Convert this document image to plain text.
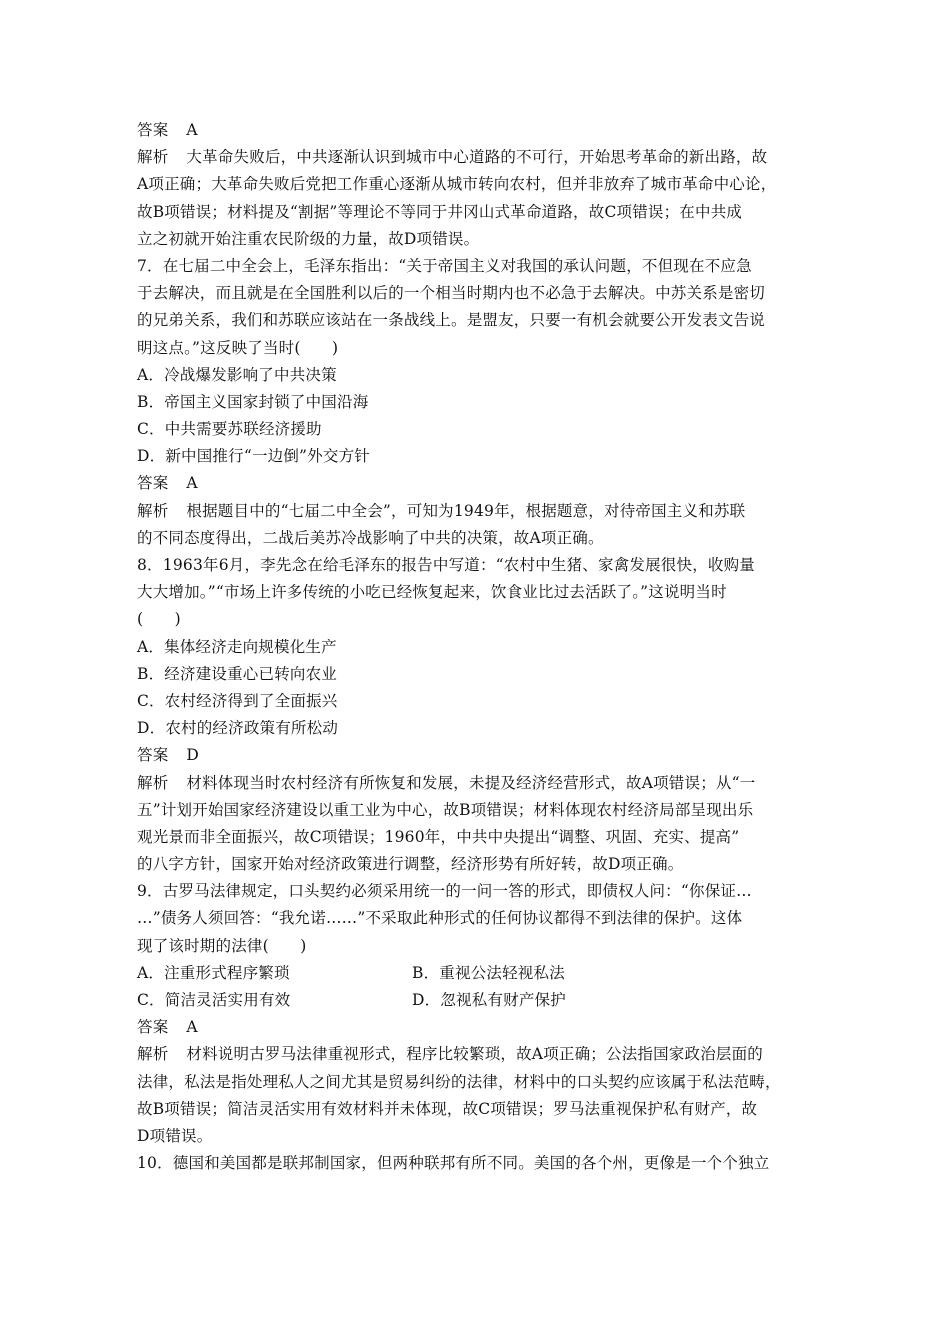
答案 A
解析 大革命失败后，中共逐渐认识到城市中心道路的不可行，开始思考革命的新出路，故
A项正确；大革命失败后党把工作重心逐渐从城市转向农村，但并非放弃了城市革命中心论，
故B项错误；材料提及“割据”等理论不等同于井冈山式革命道路，故C项错误；在中共成
立之初就开始注重农民阶级的力量，故D项错误。
7．在七届二中全会上，毛泽东指出：“关于帝国主义对我国的承认问题，不但现在不应急
于去解决，而且就是在全国胜利以后的一个相当时期内也不必急于去解决。中苏关系是密切
的兄弟关系，我们和苏联应该站在一条战线上。是盟友，只要一有机会就要公开发表文告说
明这点。”这反映了当时(　　)
A．冷战爆发影响了中共决策
B．帝国主义国家封锁了中国沿海
C．中共需要苏联经济援助
D．新中国推行“一边倒”外交方针
答案 A
解析 根据题目中的“七届二中全会”，可知为1949年，根据题意，对待帝国主义和苏联
的不同态度得出，二战后美苏冷战影响了中共的决策，故A项正确。
8．1963年6月，李先念在给毛泽东的报告中写道：“农村中生猪、家禽发展很快，收购量
大大增加。”“市场上许多传统的小吃已经恢复起来，饮食业比过去活跃了。”这说明当时
(　　)
A．集体经济走向规模化生产
B．经济建设重心已转向农业
C．农村经济得到了全面振兴
D．农村的经济政策有所松动
答案 D
解析 材料体现当时农村经济有所恢复和发展，未提及经济经营形式，故A项错误；从“一
五”计划开始国家经济建设以重工业为中心，故B项错误；材料体现农村经济局部呈现出乐
观光景而非全面振兴，故C项错误；1960年，中共中央提出“调整、巩固、充实、提高”
的八字方针，国家开始对经济政策进行调整，经济形势有所好转，故D项正确。
9．古罗马法律规定，口头契约必须采用统一的一问一答的形式，即债权人问：“你保证…
…”债务人须回答：“我允诺……”不采取此种形式的任何协议都得不到法律的保护。这体
现了该时期的法律(　　)
A．注重形式程序繁琐	B．重视公法轻视私法
C．简洁灵活实用有效	D．忽视私有财产保护
答案 A
解析 材料说明古罗马法律重视形式，程序比较繁琐，故A项正确；公法指国家政治层面的
法律，私法是指处理私人之间尤其是贸易纠纷的法律，材料中的口头契约应该属于私法范畴，
故B项错误；简洁灵活实用有效材料并未体现，故C项错误；罗马法重视保护私有财产，故
D项错误。
10．德国和美国都是联邦制国家，但两种联邦有所不同。美国的各个州，更像是一个个独立
